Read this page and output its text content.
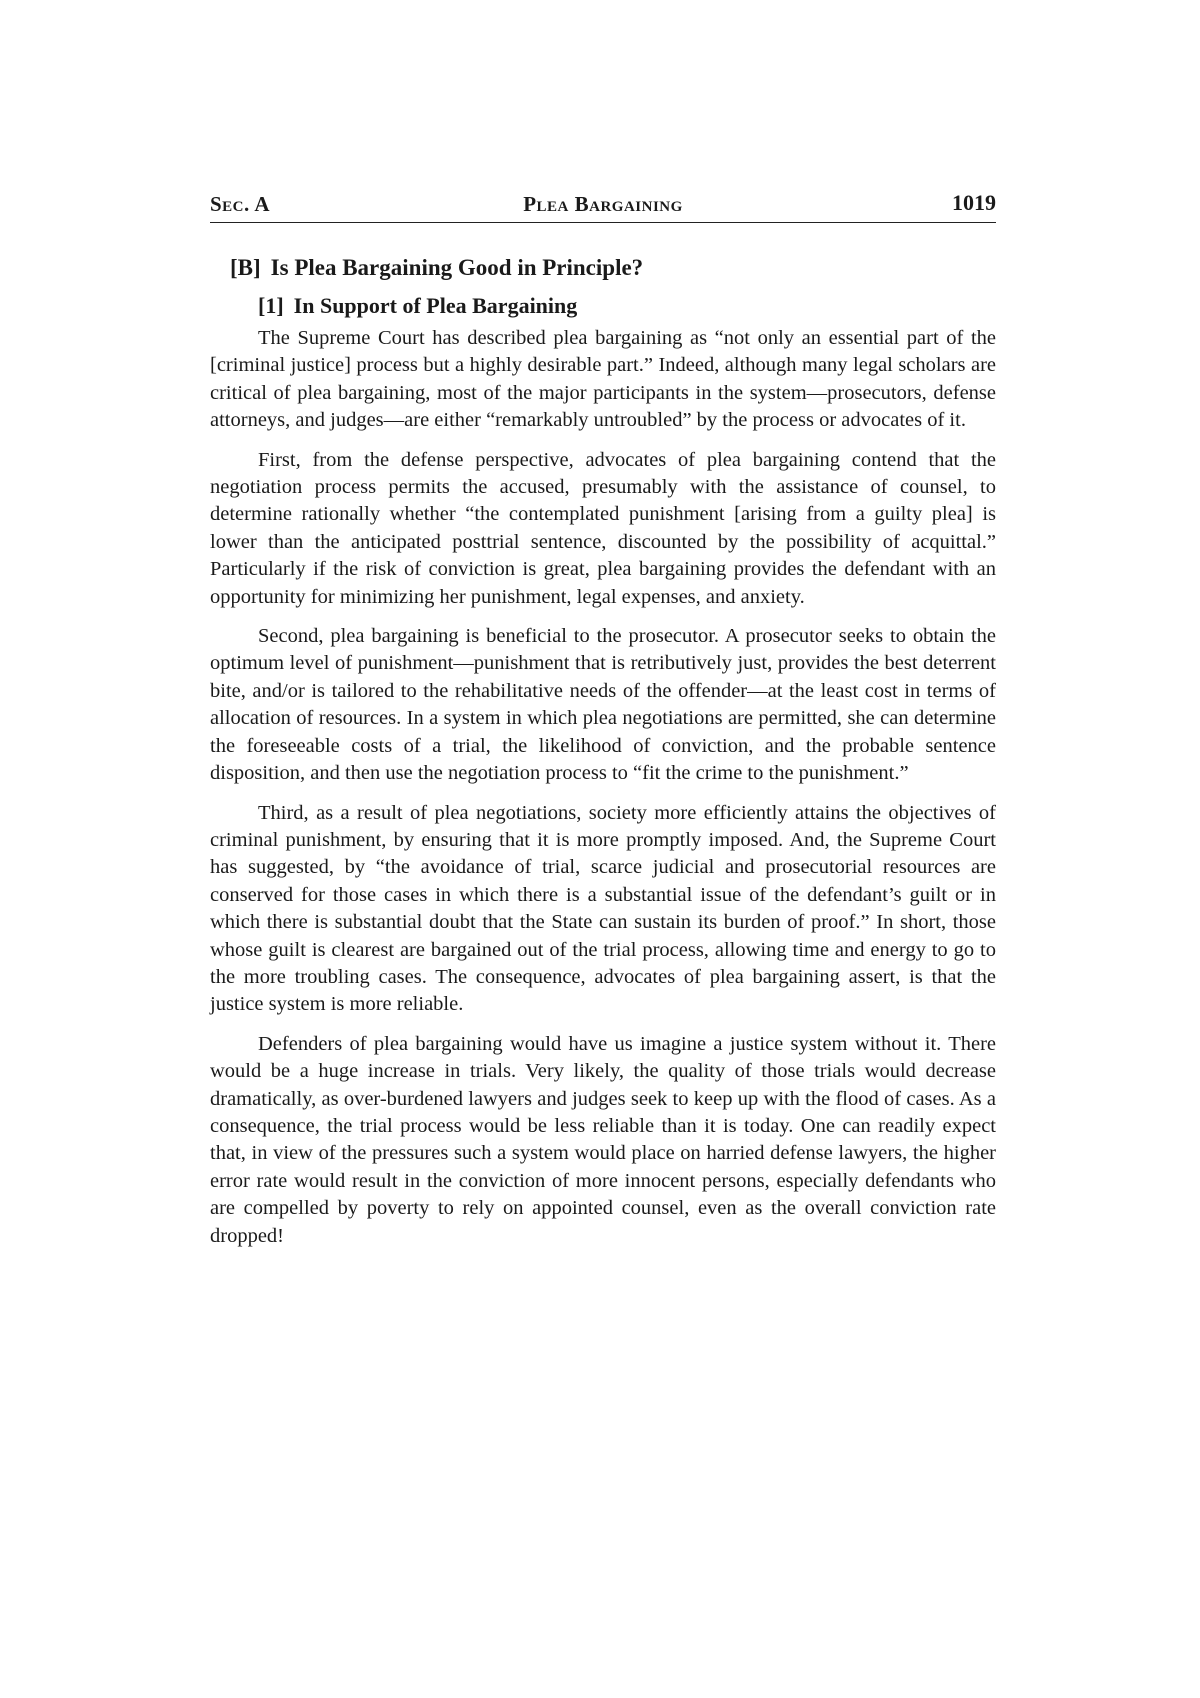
Sec. A	Plea Bargaining	1019
[B] Is Plea Bargaining Good in Principle?
[1] In Support of Plea Bargaining

The Supreme Court has described plea bargaining as “not only an essential part of the [criminal justice] process but a highly desirable part.” Indeed, although many legal scholars are critical of plea bargaining, most of the major participants in the system—prosecutors, defense attorneys, and judges—are either “remarkably untroubled” by the process or advocates of it.

First, from the defense perspective, advocates of plea bargaining contend that the negotiation process permits the accused, presumably with the assistance of counsel, to determine rationally whether “the contemplated punishment [arising from a guilty plea] is lower than the anticipated posttrial sentence, discounted by the possibility of acquittal.” Particularly if the risk of conviction is great, plea bargaining provides the defendant with an opportunity for minimizing her punishment, legal expenses, and anxiety.

Second, plea bargaining is beneficial to the prosecutor. A prosecutor seeks to obtain the optimum level of punishment—punishment that is retributively just, provides the best deterrent bite, and/or is tailored to the rehabilitative needs of the offender—at the least cost in terms of allocation of resources. In a system in which plea negotiations are permitted, she can determine the foreseeable costs of a trial, the likelihood of conviction, and the probable sentence disposition, and then use the negotiation process to “fit the crime to the punishment.”

Third, as a result of plea negotiations, society more efficiently attains the objectives of criminal punishment, by ensuring that it is more promptly imposed. And, the Supreme Court has suggested, by “the avoidance of trial, scarce judicial and prosecutorial resources are conserved for those cases in which there is a substantial issue of the defendant’s guilt or in which there is substantial doubt that the State can sustain its burden of proof.” In short, those whose guilt is clearest are bargained out of the trial process, allowing time and energy to go to the more troubling cases. The consequence, advocates of plea bargaining assert, is that the justice system is more reliable.

Defenders of plea bargaining would have us imagine a justice system without it. There would be a huge increase in trials. Very likely, the quality of those trials would decrease dramatically, as over-burdened lawyers and judges seek to keep up with the flood of cases. As a consequence, the trial process would be less reliable than it is today. One can readily expect that, in view of the pressures such a system would place on harried defense lawyers, the higher error rate would result in the conviction of more innocent persons, especially defendants who are compelled by poverty to rely on appointed counsel, even as the overall conviction rate dropped!
